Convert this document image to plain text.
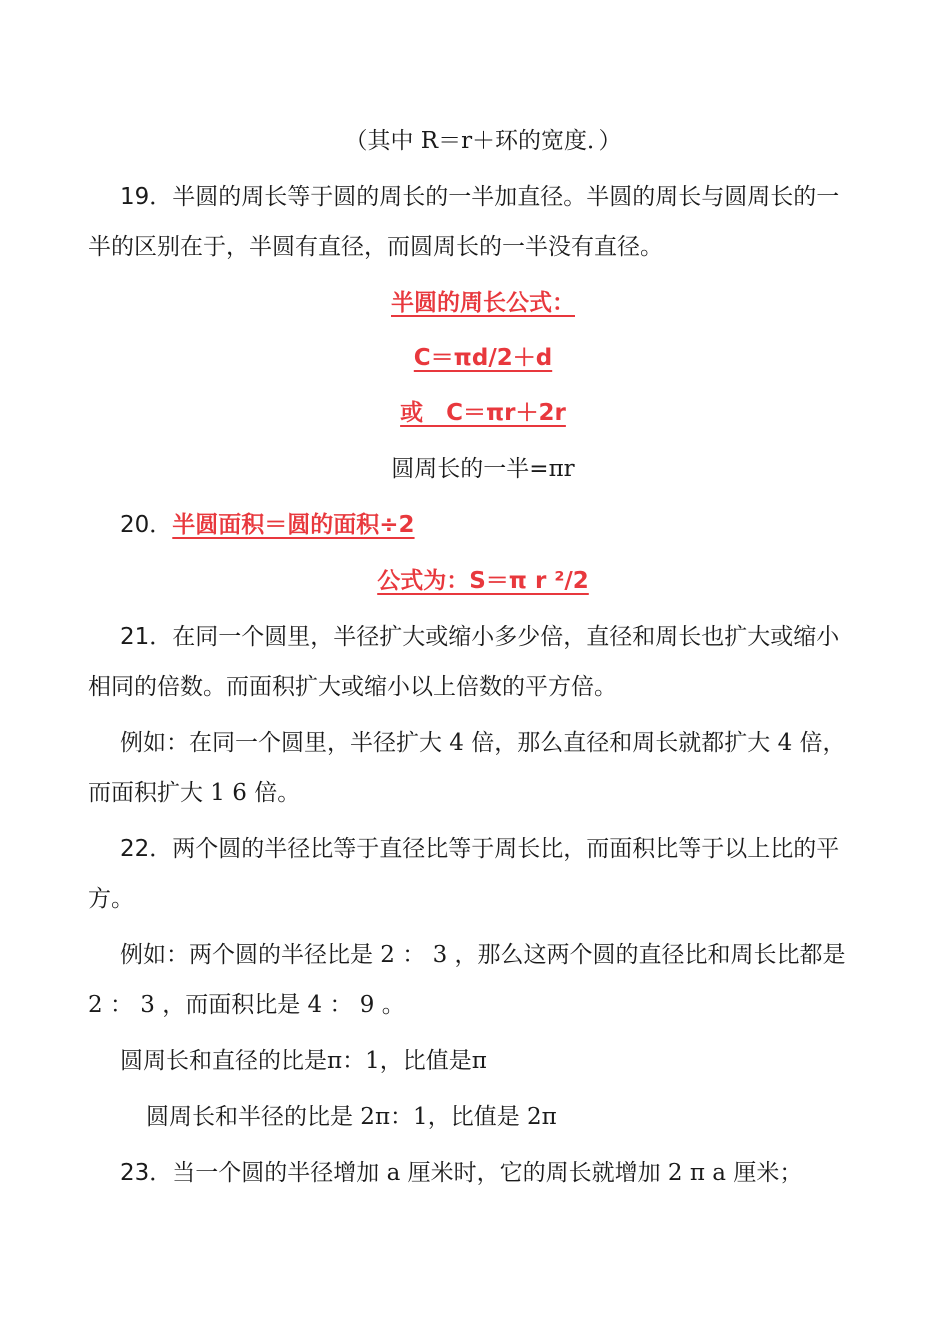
（其中 R＝r＋环的宽度．）
19．半圆的周长等于圆的周长的一半加直径。半圆的周长与圆周长的一
半的区别在于，半圆有直径，而圆周长的一半没有直径。
半圆的周长公式：
C＝πd/2＋d
或　C＝πr＋2r
圆周长的一半=πr
20．半圆面积＝圆的面积÷2
公式为：S＝π r ²/2
21．在同一个圆里，半径扩大或缩小多少倍，直径和周长也扩大或缩小
相同的倍数。而面积扩大或缩小以上倍数的平方倍。
例如：在同一个圆里，半径扩大 4 倍，那么直径和周长就都扩大 4 倍，
而面积扩大 1 6 倍。
22．两个圆的半径比等于直径比等于周长比，而面积比等于以上比的平
方。
例如：两个圆的半径比是 2 ： 3 ，那么这两个圆的直径比和周长比都是
2 ： 3 ，而面积比是 4 ： 9 。
圆周长和直径的比是π：1，比值是π
圆周长和半径的比是 2π：1，比值是 2π
23．当一个圆的半径增加 a 厘米时，它的周长就增加 2 π a 厘米；
